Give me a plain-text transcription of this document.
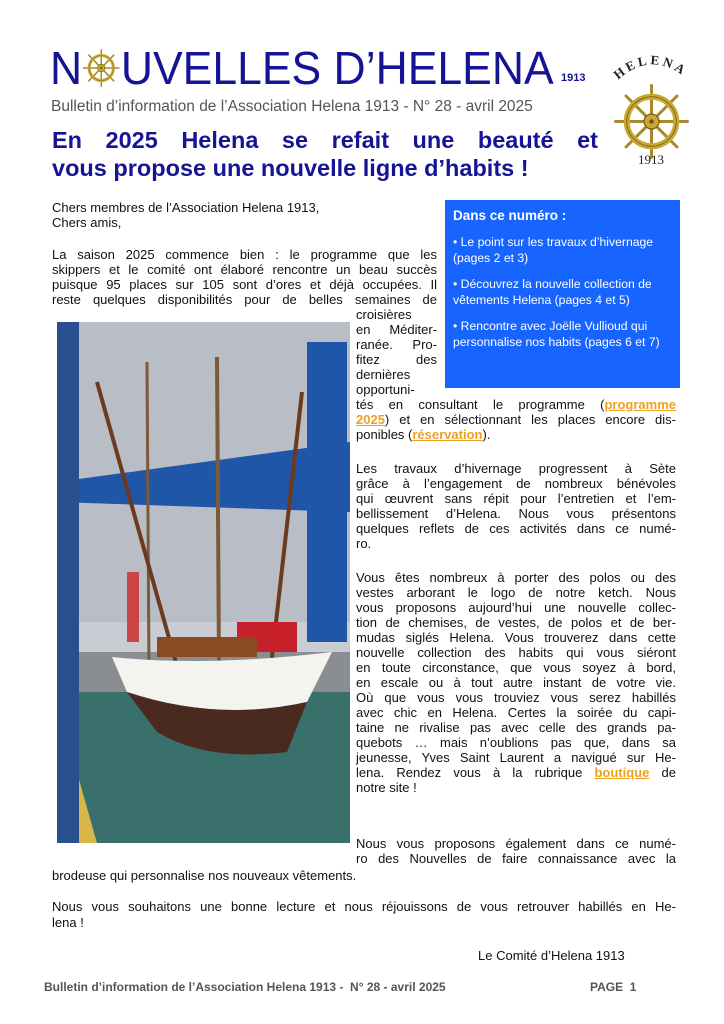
N UVELLES D’HELENA 1913
Bulletin d’information de l’Association Helena 1913 - N° 28 - avril 2025
En 2025 Helena se refait une beauté et
vous propose une nouvelle ligne d’habits !
HELENA
1913
Dans ce numéro :

• Le point sur les travaux d’hivernage (pages 2 et 3)

• Découvrez la nouvelle collection de vêtements Helena (pages 4 et 5)

• Rencontre avec Joëlle Vullioud qui personnalise nos habits (pages 6 et 7)

Chers membres de l’Association Helena 1913,
Chers amis,
La saison 2025 commence bien : le programme que les
skippers et le comité ont élaboré rencontre un beau succès
puisque 95 places sur 105 sont d’ores et déjà occupées. Il
reste quelques disponibilités pour de belles semaines de
croisières
en Méditer-
ranée. Pro-
fitez des
dernières
opportuni-
tés en consultant le programme (programme
2025) et en sélectionnant les places encore dis-
ponibles (réservation).
Les travaux d’hivernage progressent à Sète
grâce à l’engagement de nombreux bénévoles
qui œuvrent sans répit pour l’entretien et l’em-
bellissement d’Helena. Nous vous présentons
quelques reflets de ces activités dans ce numé-
ro.
Vous êtes nombreux à porter des polos ou des
vestes arborant le logo de notre ketch. Nous
vous proposons aujourd’hui une nouvelle collec-
tion de chemises, de vestes, de polos et de ber-
mudas siglés Helena. Vous trouverez dans cette
nouvelle collection des habits qui vous siéront
en toute circonstance, que vous soyez à bord,
en escale ou à tout autre instant de votre vie.
Où que vous vous trouviez vous serez habillés
avec chic en Helena. Certes la soirée du capi-
taine ne rivalise pas avec celle des grands pa-
quebots … mais n’oublions pas que, dans sa
jeunesse, Yves Saint Laurent a navigué sur He-
lena. Rendez vous à la rubrique boutique de
notre site !
Nous vous proposons également dans ce numé-
ro des Nouvelles de faire connaissance avec la
brodeuse qui personnalise nos nouveaux vêtements.
Nous vous souhaitons une bonne lecture et nous réjouissons de vous retrouver habillés en He-
lena !
Le Comité d’Helena 1913
Bulletin d’information de l’Association Helena 1913 -  N° 28 - avril 2025	PAGE  1
